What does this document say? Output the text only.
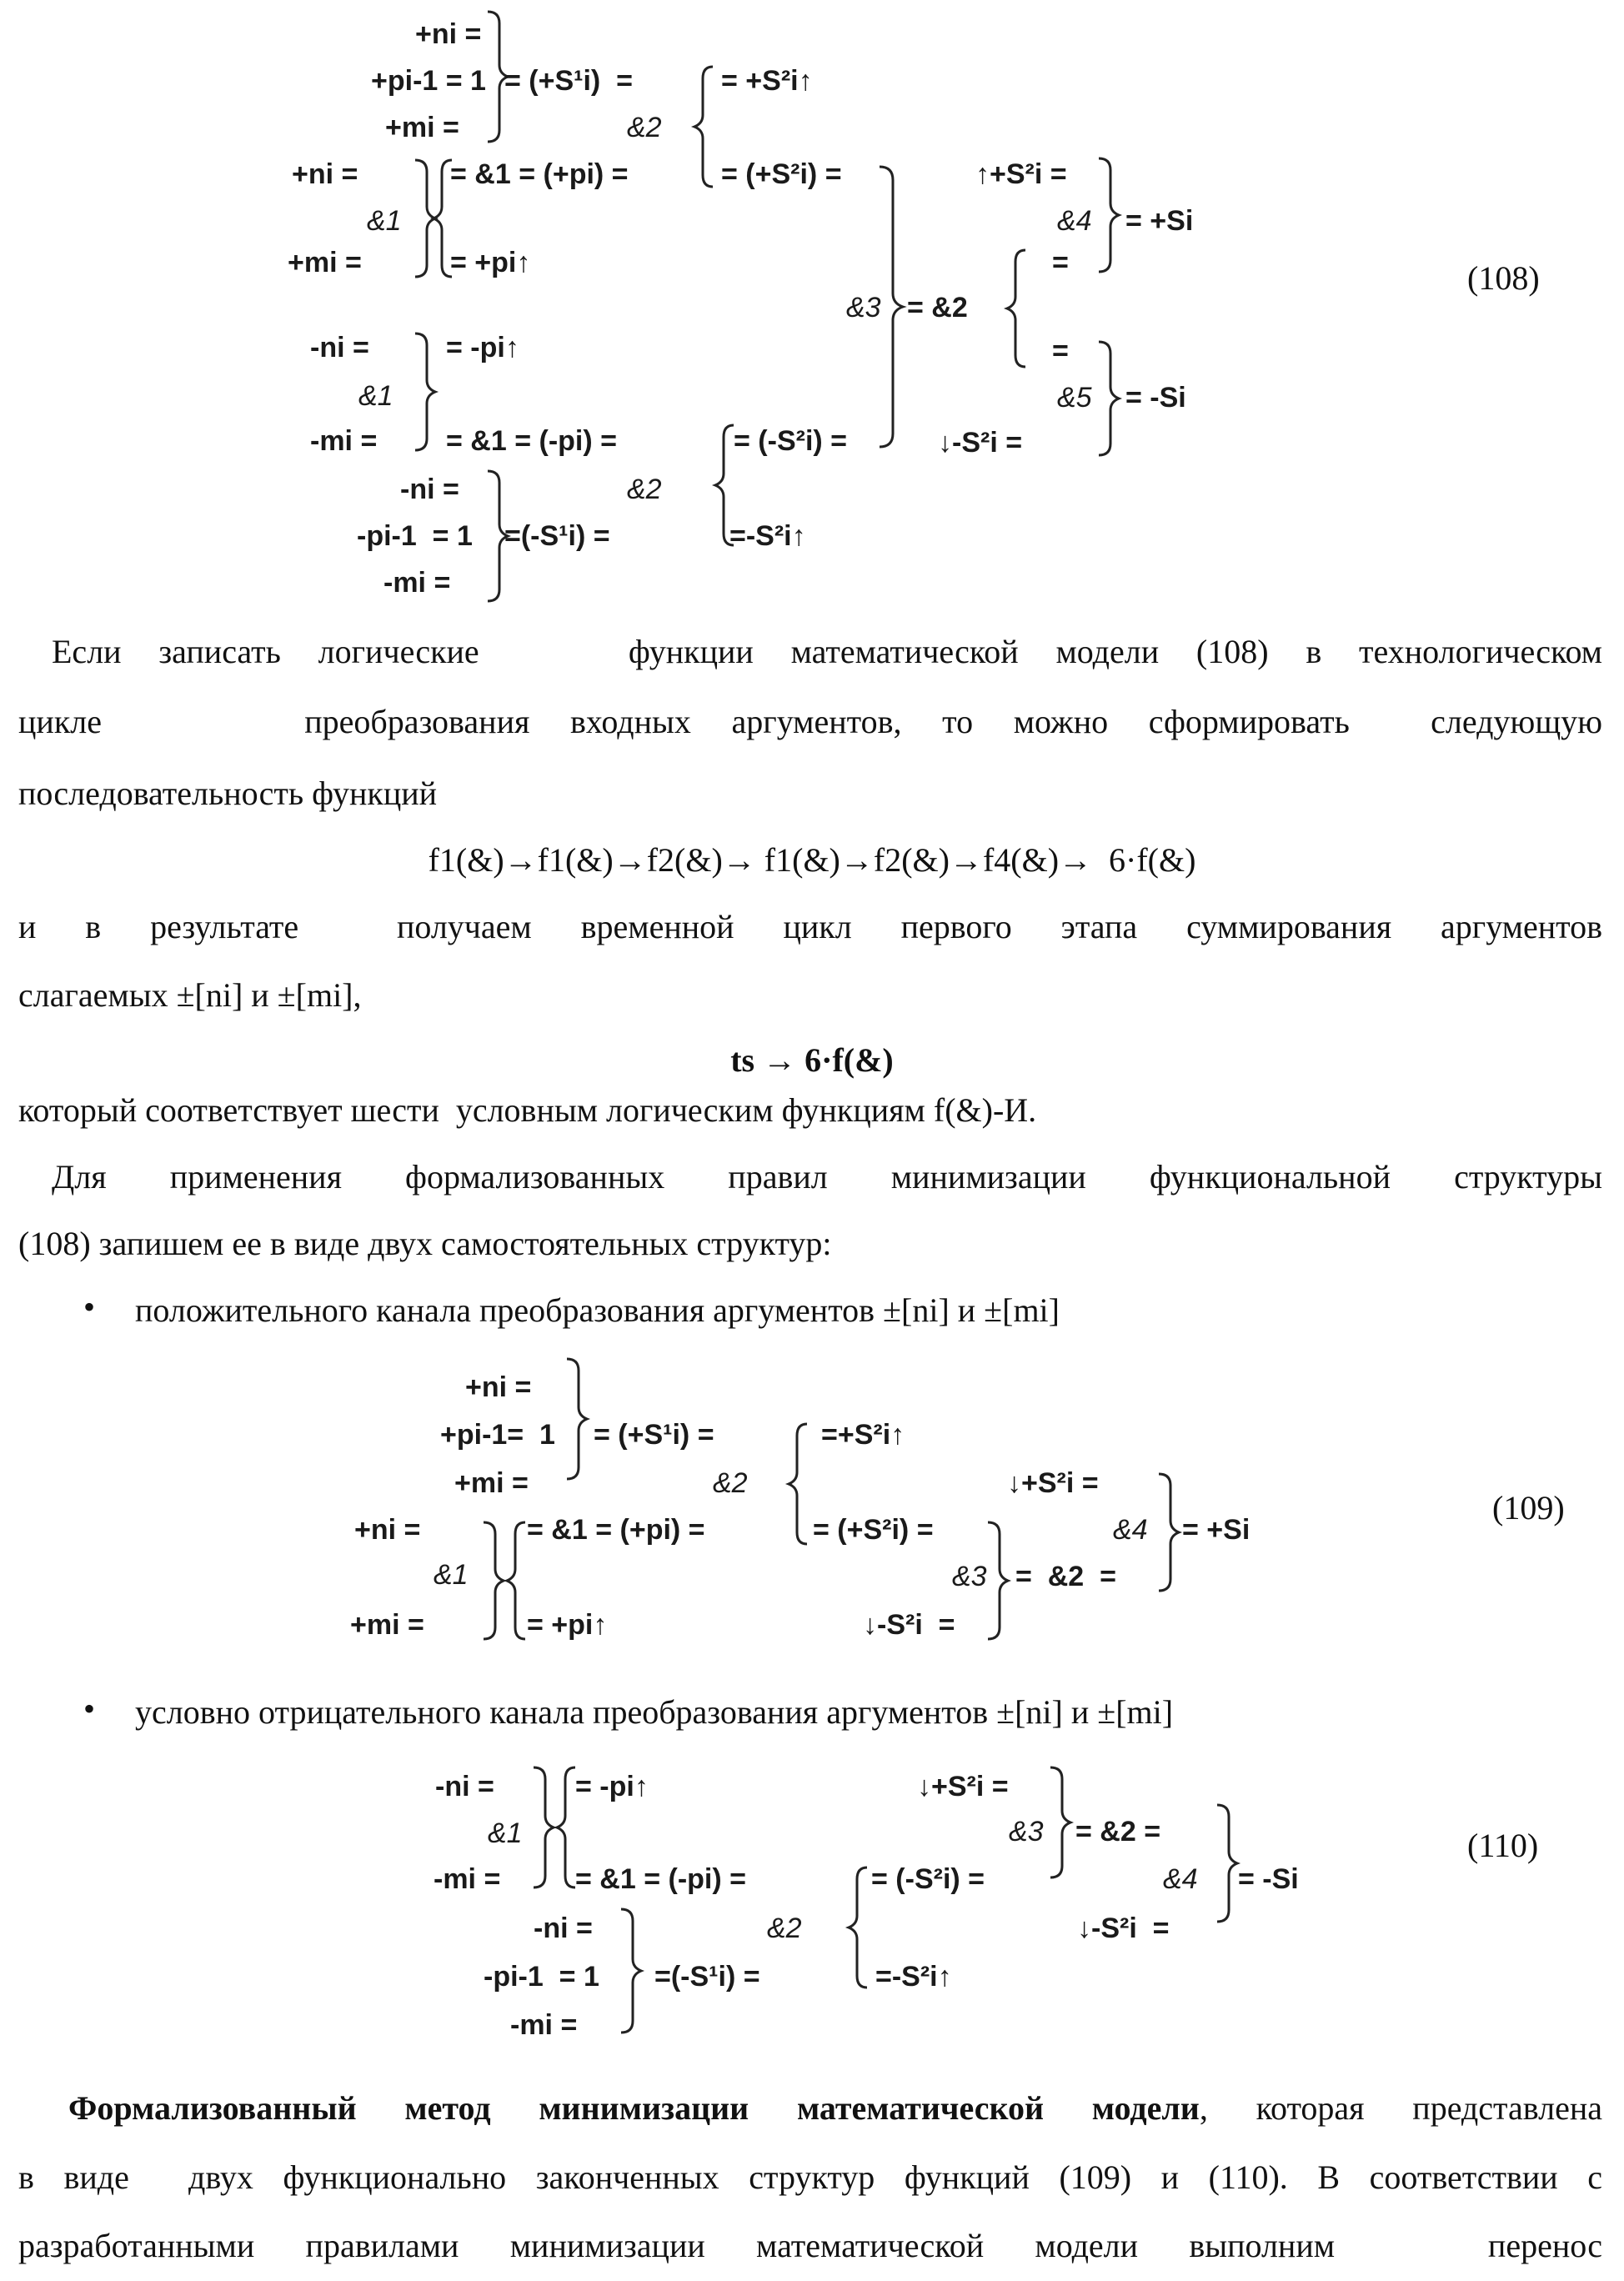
+ni =
+pi-1 = 1
+mi =
= (+S¹i)  =
&2
= +S²i↑
= (+S²i) =
+ni =
&1
+mi =
= &1 = (+pi) =
= +pi↑
&3 = &2
↑+S²i =
&4
=
= +Si
=
&5 = -Si
↓-S²i =
-ni =
&1
-mi =
= -pi↑
= &1 = (-pi) =	= (-S²i) =
-ni =
-pi-1  = 1
-mi =
&2
=(-S¹i) =	=-S²i↑
(108)
Если записать логические    функции математической модели (108) в технологическом
цикле     преобразования входных аргументов, то можно сформировать  следующую
последовательность функций
f1(&)→f1(&)→f2(&)→ f1(&)→f2(&)→f4(&)→  6·f(&)
и в результате  получаем временной цикл первого этапа суммирования аргументов
слагаемых ±[ni] и ±[mi],
ts → 6·f(&)
который соответствует шести  условным логическим функциям f(&)-И.
Для применения формализованных правил минимизации функциональной структуры
(108) запишем ее в виде двух самостоятельных структур:
• положительного канала преобразования аргументов ±[ni] и ±[mi]
+ni =
+pi-1=  1
+mi =
= (+S¹i) =	=+S²i↑
&2	↓+S²i =
+ni =
&1
+mi =
= &1 = (+pi) =	= (+S²i) =	&4 = +Si
&3 =  &2  =
= +pi↑	↓-S²i  =
(109)
• условно отрицательного канала преобразования аргументов ±[ni] и ±[mi]
-ni =
&1
-mi =
= -pi↑	↓+S²i =
&3 = &2 =
= &1 = (-pi) =	= (-S²i) =	&4 = -Si
-ni =	&2	↓-S²i  =
-pi-1  = 1 =(-S¹i) =	=-S²i↑
-mi =
(110)
Формализованный метод минимизации математической модели, которая представлена
в виде  двух функционально законченных структур функций (109) и (110). В соответствии с
разработанными правилами минимизации математической модели выполним   перенос
